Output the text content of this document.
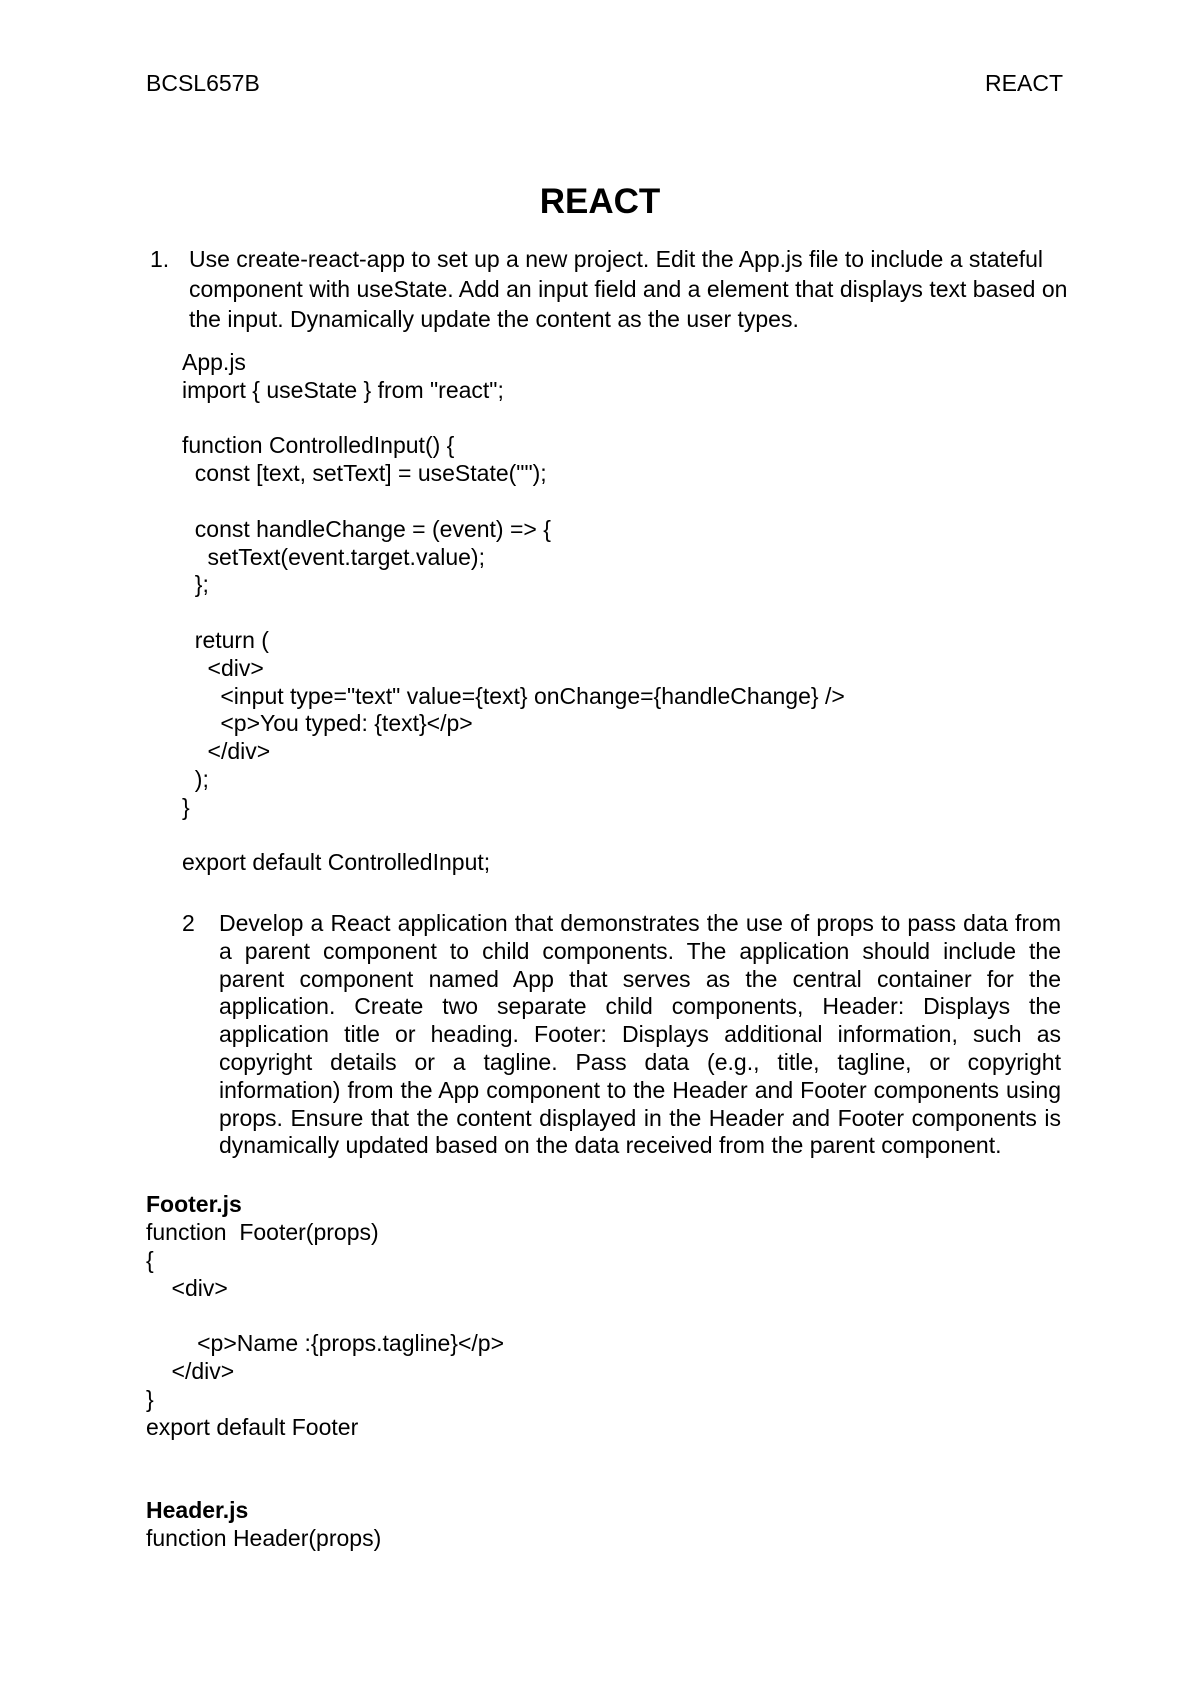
BCSL657B	REACT
REACT
1. Use create-react-app to set up a new project. Edit the App.js file to include a stateful component with useState. Add an input field and a element that displays text based on the input. Dynamically update the content as the user types.
App.js
import { useState } from "react";

function ControlledInput() {
const [text, setText] = useState("");

const handleChange = (event) => {
setText(event.target.value);
};

return (
<div>
<input type="text" value={text} onChange={handleChange} />
<p>You typed: {text}</p>
</div>
);
}

export default ControlledInput;
2 Develop a React application that demonstrates the use of props to pass data from a parent component to child components. The application should include the parent component named App that serves as the central container for the application. Create two separate child components, Header: Displays the application title or heading. Footer: Displays additional information, such as copyright details or a tagline. Pass data (e.g., title, tagline, or copyright information) from the App component to the Header and Footer components using props. Ensure that the content displayed in the Header and Footer components is dynamically updated based on the data received from the parent component.
Footer.js
function  Footer(props)
{
<div>

<p>Name :{props.tagline}</p>
</div>
}
export default Footer
Header.js
function Header(props)
